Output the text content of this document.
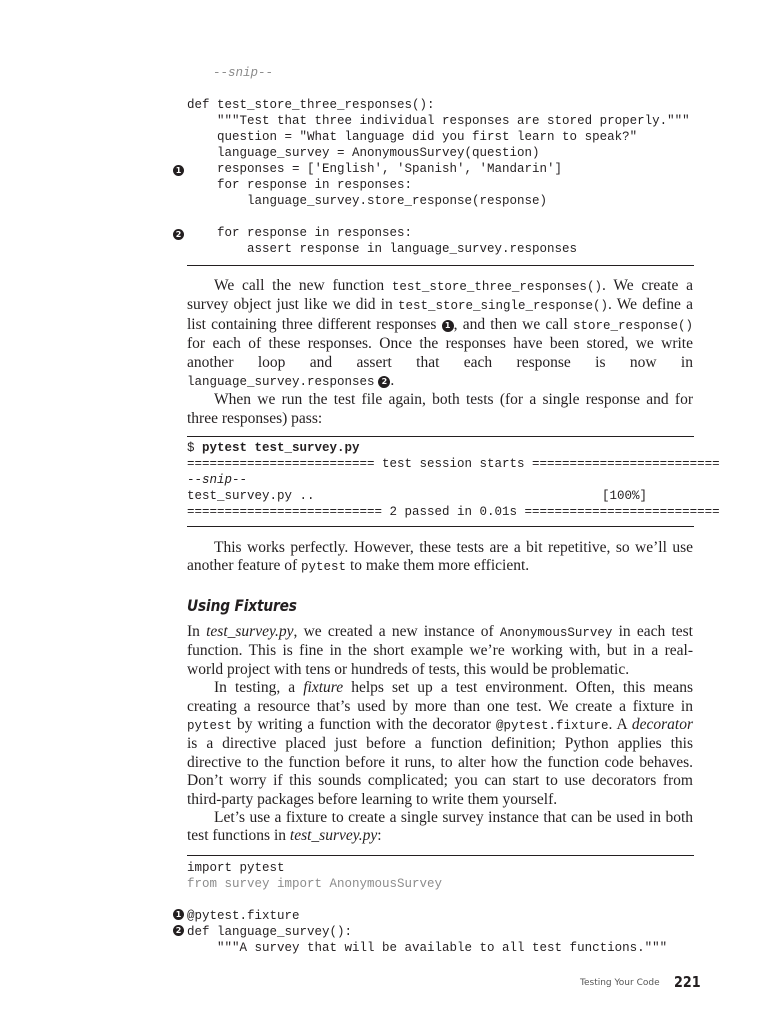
--snip--
def test_store_three_responses():
"""Test that three individual responses are stored properly."""
question = "What language did you first learn to speak?"
language_survey = AnonymousSurvey(question)
responses = ['English', 'Spanish', 'Mandarin']
for response in responses:
language_survey.store_response(response)
for response in responses:
assert response in language_survey.responses
1
2

We call the new function test_store_three_responses(). We create a survey object just like we did in test_store_single_response(). We define a list containing three different responses 1 , and then we call store_response() for each of these responses. Once the responses have been stored, we write another loop and assert that each response is now in language_survey.responses 2 .

When we run the test file again, both tests (for a single response and for three responses) pass:

$ pytest test_survey.py
========================= test session starts =========================
--snip--
test_survey.py ..	[100%]
========================== 2 passed in 0.01s ==========================

This works perfectly. However, these tests are a bit repetitive, so we’ll use another feature of pytest to make them more efficient.

Using Fixtures

In test_survey.py, we created a new instance of AnonymousSurvey in each test function. This is fine in the short example we’re working with, but in a real-world project with tens or hundreds of tests, this would be problematic.

In testing, a fixture helps set up a test environment. Often, this means creating a resource that’s used by more than one test. We create a fixture in pytest by writing a function with the decorator @pytest.fixture. A decorator is a directive placed just before a function definition; Python applies this directive to the function before it runs, to alter how the function code behaves. Don’t worry if this sounds complicated; you can start to use decorators from third-party packages before learning to write them yourself.

Let’s use a fixture to create a single survey instance that can be used in both test functions in test_survey.py:

import pytest
from survey import AnonymousSurvey
@pytest.fixture
def language_survey():
"""A survey that will be available to all test functions."""
1
2
Testing Your Code 221
